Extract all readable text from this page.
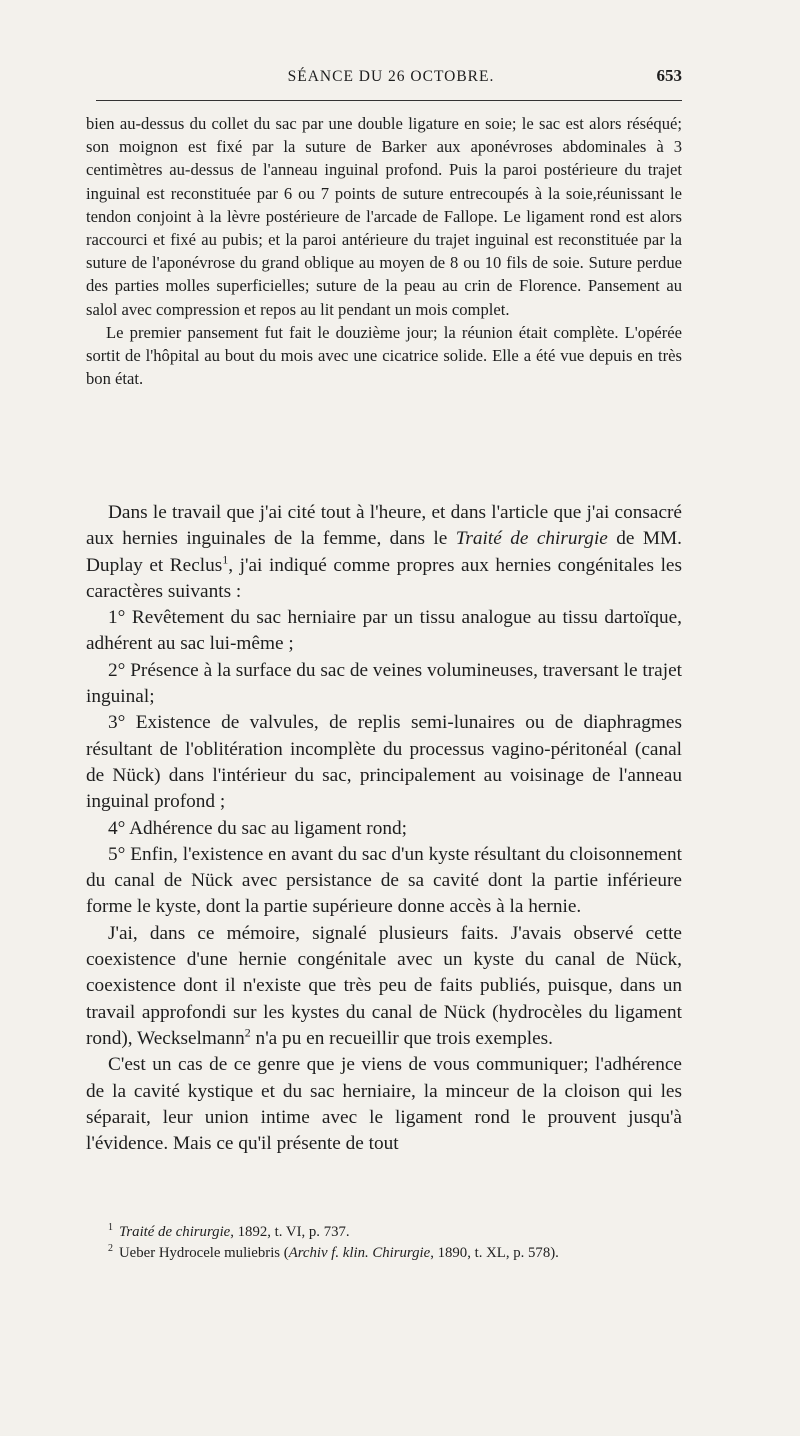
SÉANCE DU 26 OCTOBRE.	653

bien au-dessus du collet du sac par une double ligature en soie; le sac est alors réséqué; son moignon est fixé par la suture de Barker aux aponévroses abdominales à 3 centimètres au-dessus de l'anneau inguinal profond. Puis la paroi postérieure du trajet inguinal est reconstituée par 6 ou 7 points de suture entrecoupés à la soie,réunissant le tendon conjoint à la lèvre postérieure de l'arcade de Fallope. Le ligament rond est alors raccourci et fixé au pubis; et la paroi antérieure du trajet inguinal est reconstituée par la suture de l'aponévrose du grand oblique au moyen de 8 ou 10 fils de soie. Suture perdue des parties molles superficielles; suture de la peau au crin de Florence. Pansement au salol avec compression et repos au lit pendant un mois complet.

Le premier pansement fut fait le douzième jour; la réunion était complète. L'opérée sortit de l'hôpital au bout du mois avec une cicatrice solide. Elle a été vue depuis en très bon état.

Dans le travail que j'ai cité tout à l'heure, et dans l'article que j'ai consacré aux hernies inguinales de la femme, dans le Traité de chirurgie de MM. Duplay et Reclus$^1$, j'ai indiqué comme propres aux hernies congénitales les caractères suivants :

1° Revêtement du sac herniaire par un tissu analogue au tissu dartoïque, adhérent au sac lui-même ;

2° Présence à la surface du sac de veines volumineuses, traversant le trajet inguinal;

3° Existence de valvules, de replis semi-lunaires ou de diaphragmes résultant de l'oblitération incomplète du processus vagino-péritonéal (canal de Nück) dans l'intérieur du sac, principalement au voisinage de l'anneau inguinal profond ;

4° Adhérence du sac au ligament rond;

5° Enfin, l'existence en avant du sac d'un kyste résultant du cloisonnement du canal de Nück avec persistance de sa cavité dont la partie inférieure forme le kyste, dont la partie supérieure donne accès à la hernie.

J'ai, dans ce mémoire, signalé plusieurs faits. J'avais observé cette coexistence d'une hernie congénitale avec un kyste du canal de Nück, coexistence dont il n'existe que très peu de faits publiés, puisque, dans un travail approfondi sur les kystes du canal de Nück (hydrocèles du ligament rond), Weckselmann$^2$ n'a pu en recueillir que trois exemples.

C'est un cas de ce genre que je viens de vous communiquer; l'adhérence de la cavité kystique et du sac herniaire, la minceur de la cloison qui les séparait, leur union intime avec le ligament rond le prouvent jusqu'à l'évidence. Mais ce qu'il présente de tout

$^1$ Traité de chirurgie, 1892, t. VI, p. 737.

$^2$ Ueber Hydrocele muliebris (Archiv f. klin. Chirurgie, 1890, t. XL, p. 578).
